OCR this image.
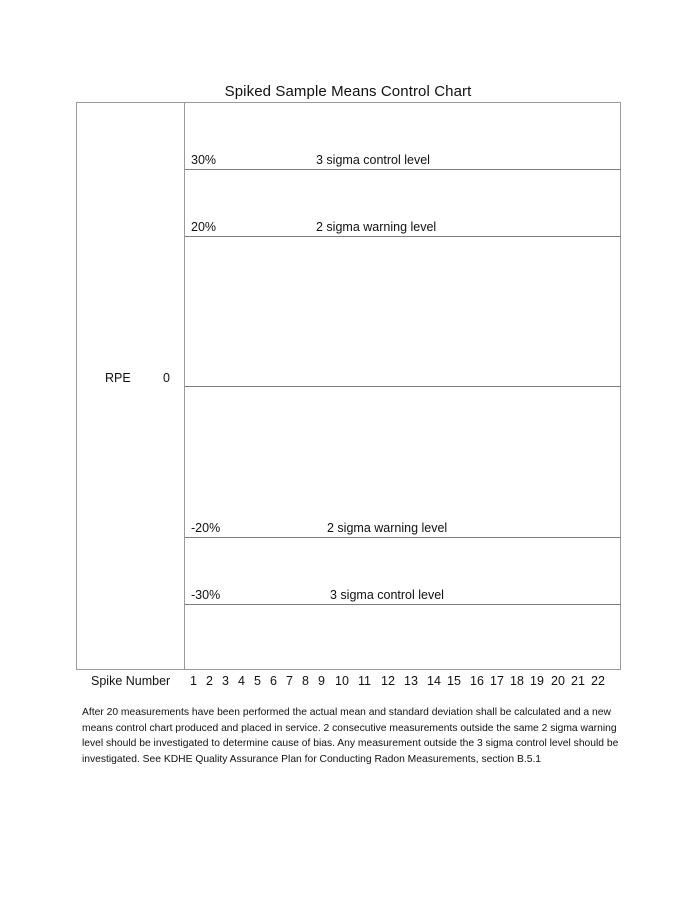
Spiked Sample Means Control Chart
30%	3 sigma control level
20%	2 sigma warning level
-20%	2 sigma warning level
-30%	3 sigma control level
RPE	0
Spike Number 1 2 3 4 5 6 7 8 9 10 11 12 13 14 15 16 17 18 19 20 21 22
After 20 measurements have been performed the actual mean and standard deviation shall be calculated and a new means control chart produced and placed in service. 2 consecutive measurements outside the same 2 sigma warning level should be investigated to determine cause of bias. Any measurement outside the 3 sigma control level should be investigated. See KDHE Quality Assurance Plan for Conducting Radon Measurements, section B.5.1
